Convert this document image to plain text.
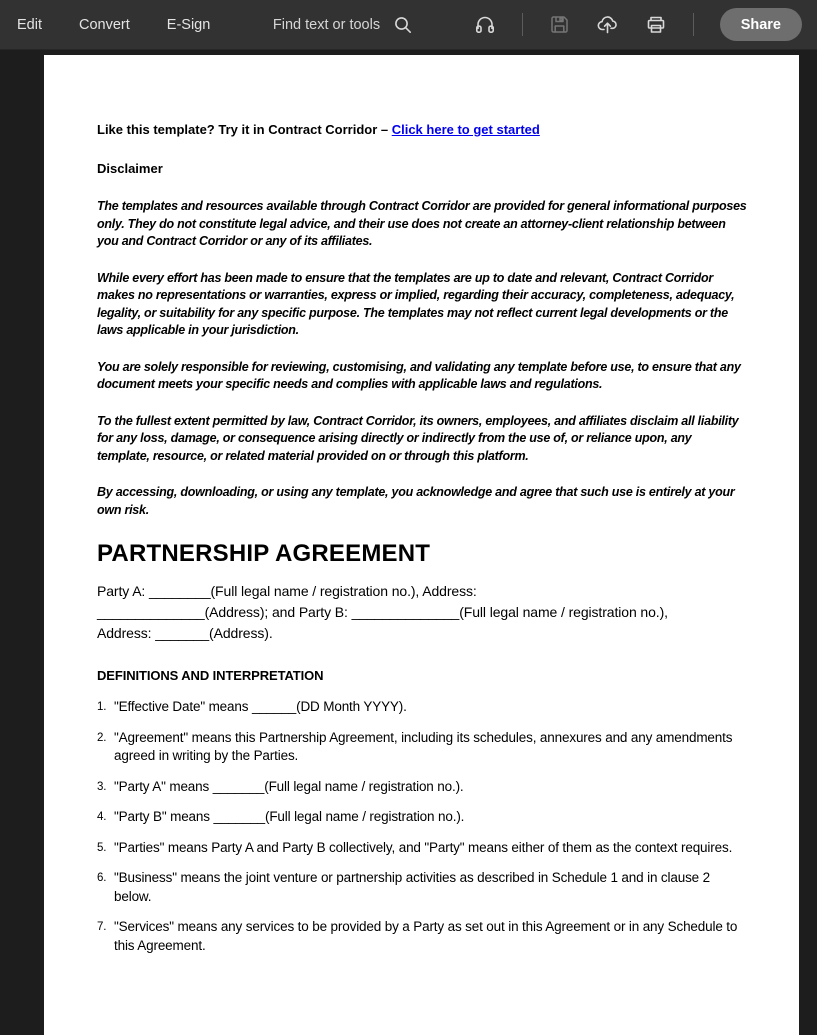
Edit	Convert	E-Sign	Find text or tools	Share

Like this template? Try it in Contract Corridor – Click here to get started

Disclaimer

The templates and resources available through Contract Corridor are provided for general informational purposes only. They do not constitute legal advice, and their use does not create an attorney-client relationship between you and Contract Corridor or any of its affiliates.

While every effort has been made to ensure that the templates are up to date and relevant, Contract Corridor makes no representations or warranties, express or implied, regarding their accuracy, completeness, adequacy, legality, or suitability for any specific purpose. The templates may not reflect current legal developments or the laws applicable in your jurisdiction.

You are solely responsible for reviewing, customising, and validating any template before use, to ensure that any document meets your specific needs and complies with applicable laws and regulations.

To the fullest extent permitted by law, Contract Corridor, its owners, employees, and affiliates disclaim all liability for any loss, damage, or consequence arising directly or indirectly from the use of, or reliance upon, any template, resource, or related material provided on or through this platform.

By accessing, downloading, or using any template, you acknowledge and agree that such use is entirely at your own risk.

PARTNERSHIP AGREEMENT
Party A: ________(Full legal name / registration no.), Address:
______________(Address); and Party B: ______________(Full legal name / registration no.),
Address: _______(Address).

DEFINITIONS AND INTERPRETATION

1. "Effective Date" means ______(DD Month YYYY).
2. "Agreement" means this Partnership Agreement, including its schedules, annexures and any amendments agreed in writing by the Parties.
3. "Party A" means _______(Full legal name / registration no.).
4. "Party B" means _______(Full legal name / registration no.).
5. "Parties" means Party A and Party B collectively, and "Party" means either of them as the context requires.
6. "Business" means the joint venture or partnership activities as described in Schedule 1 and in clause 2 below.
7. "Services" means any services to be provided by a Party as set out in this Agreement or in any Schedule to this Agreement.
